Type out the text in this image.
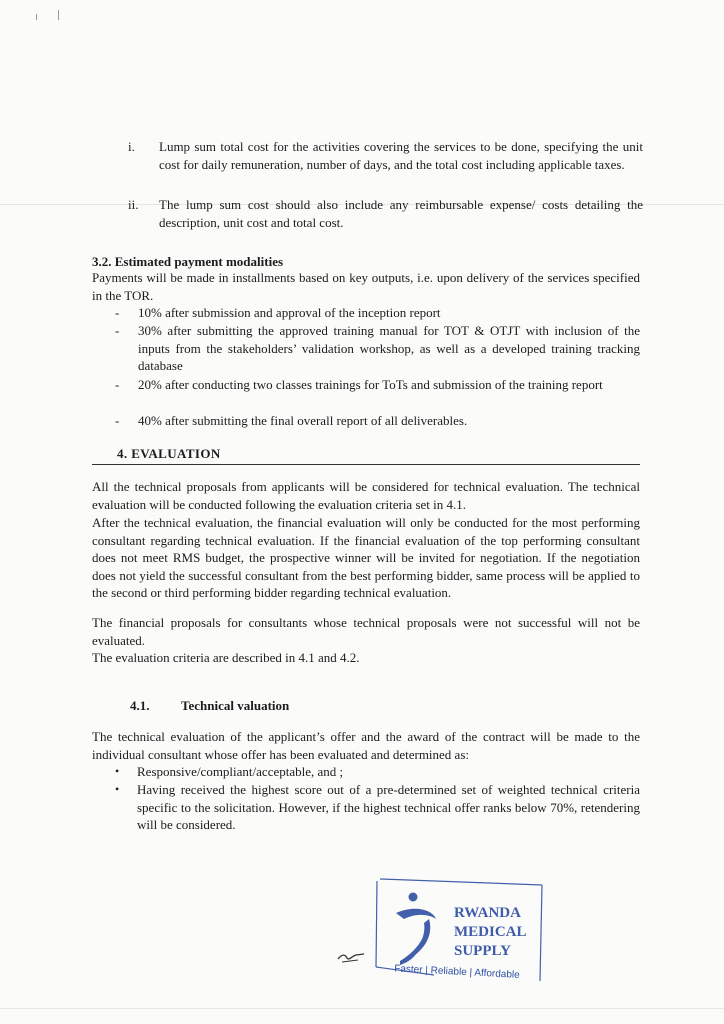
i.	Lump sum total cost for the activities covering the services to be done, specifying the unit cost for daily remuneration, number of days, and the total cost including applicable taxes.
ii.	The lump sum cost should also include any reimbursable expense/ costs detailing the description, unit cost and total cost.
3.2. Estimated payment modalities
Payments will be made in installments based on key outputs, i.e. upon delivery of the services specified in the TOR.
- 10% after submission and approval of the inception report
- 30% after submitting the approved training manual for TOT & OTJT with inclusion of the inputs from the stakeholders’ validation workshop, as well as a developed training tracking database
- 20% after conducting two classes trainings for ToTs and submission of the training report
- 40% after submitting the final overall report of all deliverables.
4. EVALUATION
All the technical proposals from applicants will be considered for technical evaluation. The technical evaluation will be conducted following the evaluation criteria set in 4.1.
After the technical evaluation, the financial evaluation will only be conducted for the most performing consultant regarding technical evaluation. If the financial evaluation of the top performing consultant does not meet RMS budget, the prospective winner will be invited for negotiation. If the negotiation does not yield the successful consultant from the best performing bidder, same process will be applied to the second or third performing bidder regarding technical evaluation.
The financial proposals for consultants whose technical proposals were not successful will not be evaluated.
The evaluation criteria are described in 4.1 and 4.2.
4.1. Technical valuation
The technical evaluation of the applicant’s offer and the award of the contract will be made to the individual consultant whose offer has been evaluated and determined as:
• Responsive/compliant/acceptable, and ;
• Having received the highest score out of a pre-determined set of weighted technical criteria specific to the solicitation. However, if the highest technical offer ranks below 70%, retendering will be considered.
RWANDA
MEDICAL
SUPPLY
Faster | Reliable | Affordable
